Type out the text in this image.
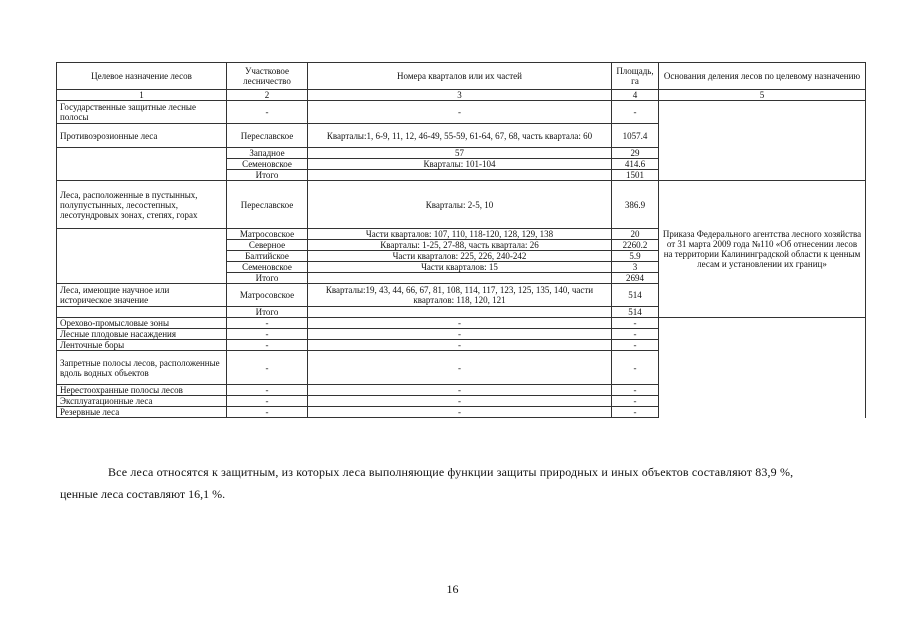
Целевое назначение лесов	Участковое лесничество	Номера кварталов или их частей	Площадь, га	Основания деления лесов по целевому назначению	
1	2	3	4	5	
Государственные защитные лесные полосы	-	-	-		
Противоэрозионные леса	Переславское	Кварталы:1, 6-9, 11, 12, 46-49, 55-59, 61-64, 67, 68, часть квартала: 60	1057.4		
	Западное	57	29		
	Семеновское	Кварталы: 101-104	414.6		
	Итого		1501		
Леса, расположенные в пустынных, полупустынных, лесостепных, лесотундровых зонах, степях, горах	Переславское	Кварталы: 2-5, 10	386.9	Приказа Федерального агентства лесного хозяйства от 31 марта 2009 года №110 «Об отнесении лесов на территории Калининградской области к ценным лесам и установлении их границ»	
	Матросовское	Части кварталов: 107, 110, 118-120, 128, 129, 138	20		
	Северное	Кварталы: 1-25, 27-88, часть квартала: 26	2260.2		
	Балтийское	Части кварталов: 225, 226, 240-242	5.9		
	Семеновское	Части кварталов: 15	3		
	Итого		2694		
Леса, имеющие научное или историческое значение	Матросовское	Кварталы:19, 43, 44, 66, 67, 81, 108, 114, 117, 123, 125, 135, 140, части кварталов: 118, 120, 121	514		
	Итого		514	
Орехово-промысловые зоны	-	-	-		
Лесные плодовые насаждения	-	-	-		
Ленточные боры	-	-	-		
Запретные полосы лесов, расположенные вдоль водных объектов	-	-	-		
Нерестоохранные полосы лесов	-	-	-		
Эксплуатационные леса	-	-	-		
Резервные леса	-	-	-		

Все леса относятся к защитным, из которых леса выполняющие функции защиты природных и иных объектов составляют 83,9 %,

ценные леса составляют 16,1 %.

16
